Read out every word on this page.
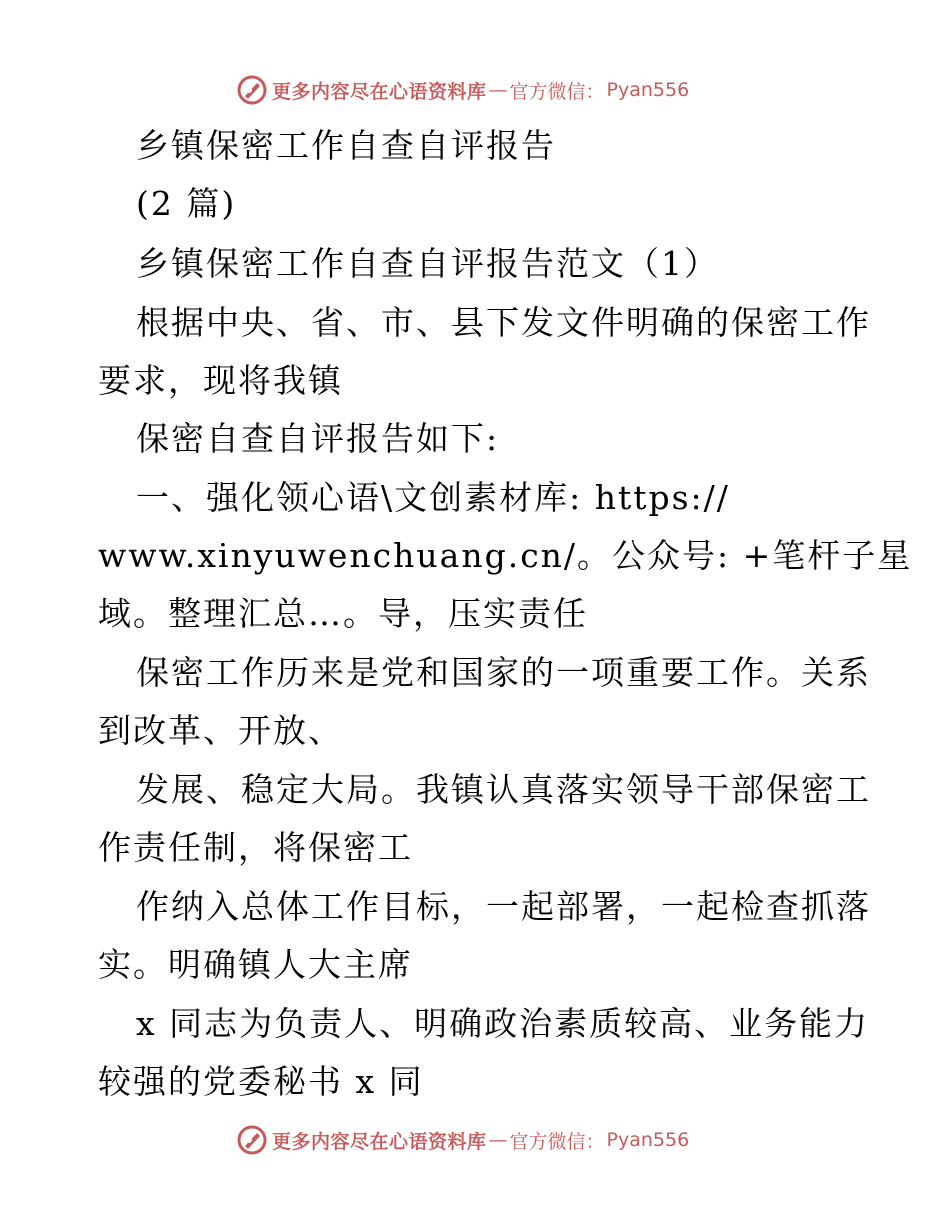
更多内容尽在心语资料库 — 官方微信： Pyan556
乡镇保密工作自查自评报告
(2 篇)
乡镇保密工作自查自评报告范文（1）
根据中央、省、市、县下发文件明确的保密工作
要求，现将我镇
保密自查自评报告如下:
一、强化领心语\文创素材库: https://
www.xinyuwenchuang.cn/。公众号: +笔杆子星
域。整理汇总…。导，压实责任
保密工作历来是党和国家的一项重要工作。关系
到改革、开放、
发展、稳定大局。我镇认真落实领导干部保密工
作责任制，将保密工
作纳入总体工作目标，一起部署，一起检查抓落
实。明确镇人大主席
x 同志为负责人、明确政治素质较高、业务能力
较强的党委秘书 x 同
更多内容尽在心语资料库 — 官方微信： Pyan556
